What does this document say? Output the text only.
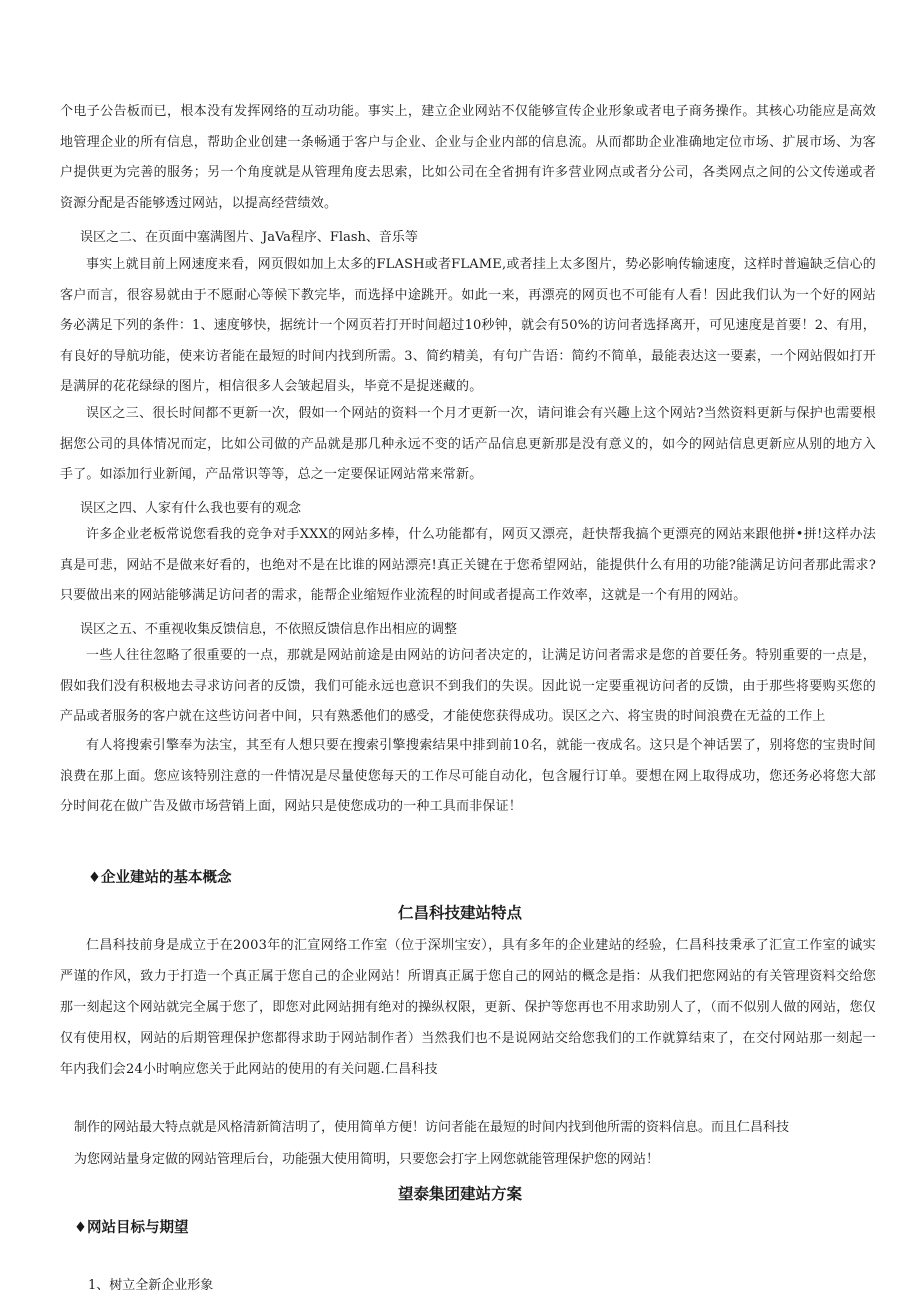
个电子公告板而已，根本没有发挥网络的互动功能。事实上，建立企业网站不仅能够宣传企业形象或者电子商务操作。其核心功能应是高效地管理企业的所有信息，帮助企业创建一条畅通于客户与企业、企业与企业内部的信息流。从而都助企业准确地定位市场、扩展市场、为客户提供更为完善的服务；另一个角度就是从管理角度去思索，比如公司在全省拥有许多营业网点或者分公司，各类网点之间的公文传递或者资源分配是否能够透过网站，以提高经营绩效。

误区之二、在页面中塞满图片、JaVa程序、Flash、音乐等

事实上就目前上网速度来看，网页假如加上太多的FLASH或者FLAME,或者挂上太多图片，势必影响传输速度，这样时普遍缺乏信心的客户而言，很容易就由于不愿耐心等候下教完毕，而选择中途跳开。如此一来，再漂亮的网页也不可能有人看！因此我们认为一个好的网站务必满足下列的条件：1、速度够快，据统计一个网页若打开时间超过10秒钟，就会有50%的访问者选择离开，可见速度是首要！2、有用，有良好的导航功能，使来访者能在最短的时间内找到所需。3、简约精美，有句广告语：简约不简单，最能表达这一要素，一个网站假如打开是满屏的花花绿绿的图片，相信很多人会皱起眉头，毕竟不是捉迷藏的。

误区之三、很长时间都不更新一次，假如一个网站的资料一个月才更新一次，请问谁会有兴趣上这个网站?当然资料更新与保护也需要根据您公司的具体情况而定，比如公司做的产品就是那几种永远不变的话产品信息更新那是没有意义的，如今的网站信息更新应从别的地方入手了。如添加行业新闻，产品常识等等，总之一定要保证网站常来常新。

误区之四、人家有什么我也要有的观念

许多企业老板常说您看我的竞争对手XXX的网站多棒，什么功能都有，网页又漂亮，赶快帮我搞个更漂亮的网站来跟他拼•拼!这样办法真是可悲，网站不是做来好看的，也绝对不是在比谁的网站漂亮!真正关键在于您希望网站，能提供什么有用的功能?能满足访问者那此需求?只要做出来的网站能够满足访问者的需求，能帮企业缩短作业流程的时间或者提高工作效率，这就是一个有用的网站。

误区之五、不重视收集反馈信息，不依照反馈信息作出相应的调整

一些人往往忽略了很重要的一点，那就是网站前途是由网站的访问者决定的，让满足访问者需求是您的首要任务。特别重要的一点是，假如我们没有积极地去寻求访问者的反馈，我们可能永远也意识不到我们的失误。因此说一定要重视访问者的反馈，由于那些将要购买您的产品或者服务的客户就在这些访问者中间，只有熟悉他们的感受，才能使您获得成功。误区之六、将宝贵的时间浪费在无益的工作上

有人将搜索引擎奉为法宝，其至有人想只要在搜索引擎搜索结果中排到前10名，就能一夜成名。这只是个神话罢了，别将您的宝贵时间浪费在那上面。您应该特别注意的一件情况是尽量使您每天的工作尽可能自动化，包含履行订单。要想在网上取得成功，您还务必将您大部分时间花在做广告及做市场营销上面，网站只是使您成功的一种工具而非保证！

♦企业建站的基本概念

仁昌科技建站特点

仁昌科技前身是成立于在2003年的汇宣网络工作室（位于深圳宝安），具有多年的企业建站的经验，仁昌科技秉承了汇宣工作室的诚实严谨的作风，致力于打造一个真正属于您自己的企业网站！所谓真正属于您自己的网站的概念是指：从我们把您网站的有关管理资料交给您那一刻起这个网站就完全属于您了，即您对此网站拥有绝对的操纵权限，更新、保护等您再也不用求助别人了，（而不似别人做的网站，您仅仅有使用权，网站的后期管理保护您都得求助于网站制作者）当然我们也不是说网站交给您我们的工作就算结束了，在交付网站那一刻起一年内我们会24小时响应您关于此网站的使用的有关问题.仁昌科技

制作的网站最大特点就是风格清新简洁明了，使用简单方便！访问者能在最短的时间内找到他所需的资料信息。而且仁昌科技

为您网站量身定做的网站管理后台，功能强大使用简明，只要您会打字上网您就能管理保护您的网站！

望泰集团建站方案

♦网站目标与期望

1、树立全新企业形象
